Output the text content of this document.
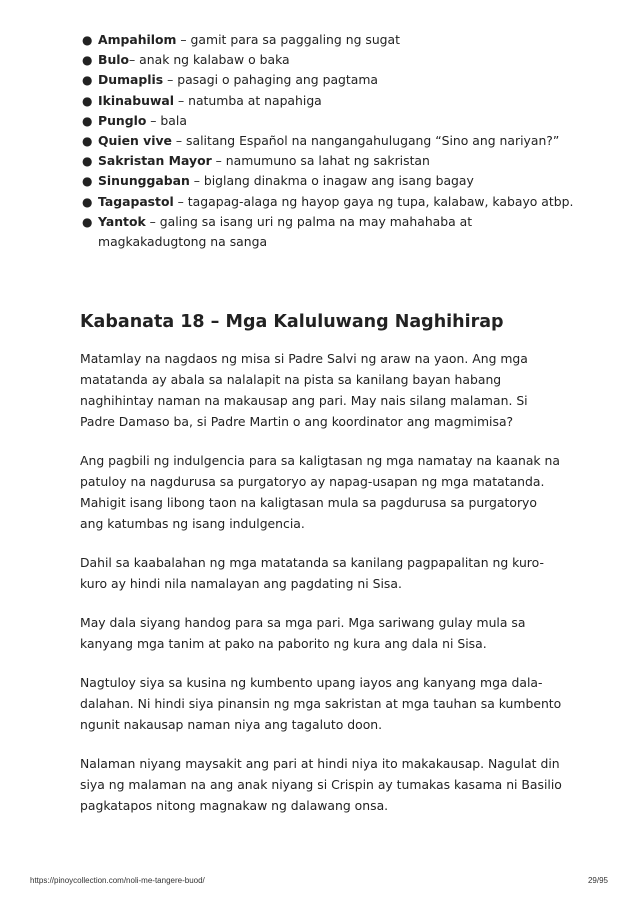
● Ampahilom – gamit para sa paggaling ng sugat
● Bulo– anak ng kalabaw o baka
● Dumaplis – pasagi o pahaging ang pagtama
● Ikinabuwal – natumba at napahiga
● Punglo – bala
● Quien vive – salitang Español na nangangahulugang “Sino ang nariyan?”
● Sakristan Mayor – namumuno sa lahat ng sakristan
● Sinunggaban – biglang dinakma o inagaw ang isang bagay
● Tagapastol – tagapag-alaga ng hayop gaya ng tupa, kalabaw, kabayo atbp.
● Yantok – galing sa isang uri ng palma na may mahahaba at magkakadugtong na sanga
Kabanata 18 – Mga Kaluluwang Naghihirap

Matamlay na nagdaos ng misa si Padre Salvi ng araw na yaon. Ang mga matatanda ay abala sa nalalapit na pista sa kanilang bayan habang naghihintay naman na makausap ang pari. May nais silang malaman. Si Padre Damaso ba, si Padre Martin o ang koordinator ang magmimisa?

Ang pagbili ng indulgencia para sa kaligtasan ng mga namatay na kaanak na patuloy na nagdurusa sa purgatoryo ay napag-usapan ng mga matatanda. Mahigit isang libong taon na kaligtasan mula sa pagdurusa sa purgatoryo ang katumbas ng isang indulgencia.

Dahil sa kaabalahan ng mga matatanda sa kanilang pagpapalitan ng kuro-kuro ay hindi nila namalayan ang pagdating ni Sisa.

May dala siyang handog para sa mga pari. Mga sariwang gulay mula sa kanyang mga tanim at pako na paborito ng kura ang dala ni Sisa.

Nagtuloy siya sa kusina ng kumbento upang iayos ang kanyang mga dala-dalahan. Ni hindi siya pinansin ng mga sakristan at mga tauhan sa kumbento ngunit nakausap naman niya ang tagaluto doon.

Nalaman niyang maysakit ang pari at hindi niya ito makakausap. Nagulat din siya ng malaman na ang anak niyang si Crispin ay tumakas kasama ni Basilio pagkatapos nitong magnakaw ng dalawang onsa.

https://pinoycollection.com/noli-me-tangere-buod/	29/95
